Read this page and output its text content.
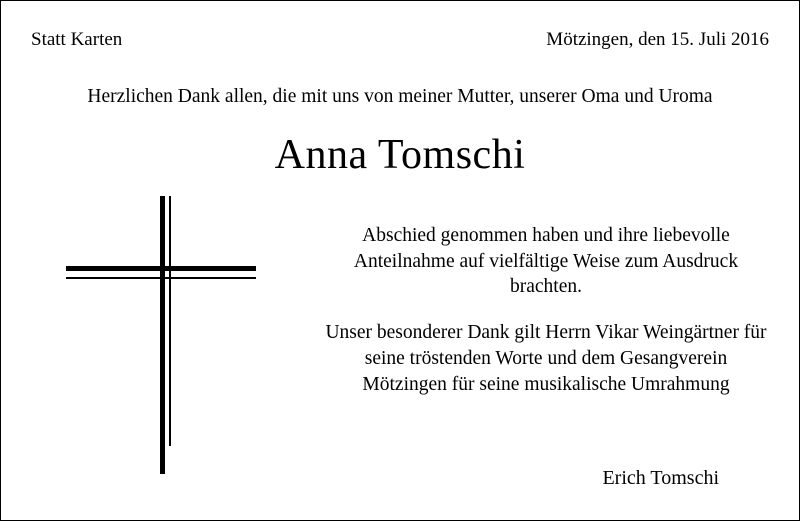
Statt Karten	Mötzingen, den 15. Juli 2016
Herzlichen Dank allen, die mit uns von meiner Mutter, unserer Oma und Uroma
Anna Tomschi
Abschied genommen haben und ihre liebevolle Anteilnahme auf vielfältige Weise zum Ausdruck brachten.
Unser besonderer Dank gilt Herrn Vikar Weingärtner für seine tröstenden Worte und dem Gesangverein Mötzingen für seine musikalische Umrahmung
Erich Tomschi
